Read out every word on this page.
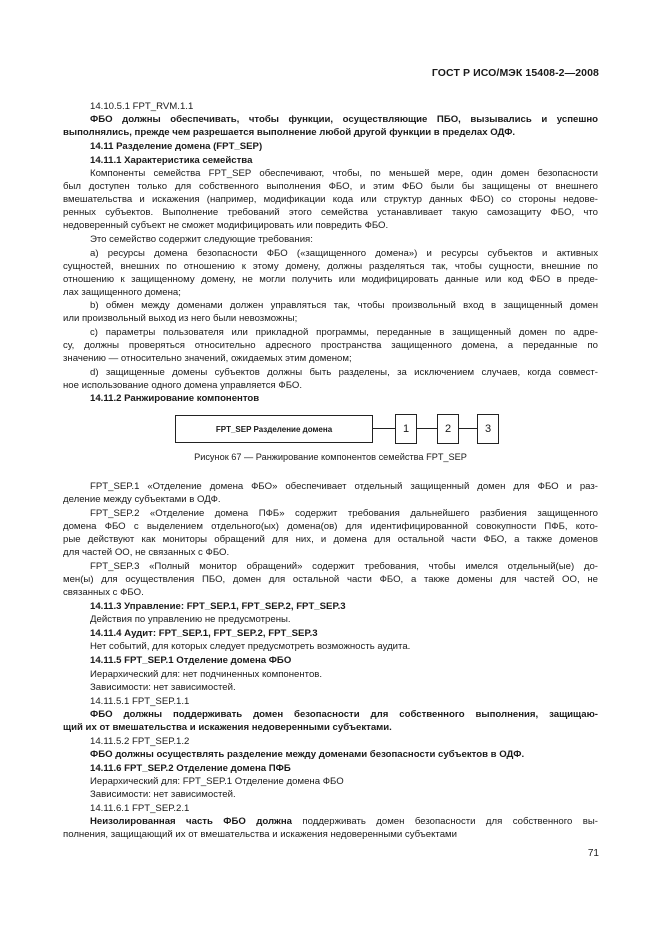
ГОСТ Р ИСО/МЭК 15408-2—2008
14.10.5.1 FPT_RVM.1.1
ФБО должны обеспечивать, чтобы функции, осуществляющие ПБО, вызывались и успешно
выполнялись, прежде чем разрешается выполнение любой другой функции в пределах ОДФ.
14.11 Разделение домена (FPT_SEP)
14.11.1 Характеристика семейства
Компоненты семейства FPT_SEP обеспечивают, чтобы, по меньшей мере, один домен безопасности
был доступен только для собственного выполнения ФБО, и этим ФБО были бы защищены от внешнего
вмешательства и искажения (например, модификации кода или структур данных ФБО) со стороны недове-
ренных субъектов. Выполнение требований этого семейства устанавливает такую самозащиту ФБО, что
недоверенный субъект не сможет модифицировать или повредить ФБО.
Это семейство содержит следующие требования:
a) ресурсы домена безопасности ФБО («защищенного домена») и ресурсы субъектов и активных
сущностей, внешних по отношению к этому домену, должны разделяться так, чтобы сущности, внешние по
отношению к защищенному домену, не могли получить или модифицировать данные или код ФБО в преде-
лах защищенного домена;
b) обмен между доменами должен управляться так, чтобы произвольный вход в защищенный домен
или произвольный выход из него были невозможны;
c) параметры пользователя или прикладной программы, переданные в защищенный домен по адре-
су, должны проверяться относительно адресного пространства защищенного домена, а переданные по
значению — относительно значений, ожидаемых этим доменом;
d) защищенные домены субъектов должны быть разделены, за исключением случаев, когда совмест-
ное использование одного домена управляется ФБО.
14.11.2 Ранжирование компонентов
FPT_SEP Разделение домена	1	2	3
Рисунок 67 — Ранжирование компонентов семейства FPT_SEP
FPT_SEP.1 «Отделение домена ФБО» обеспечивает отдельный защищенный домен для ФБО и раз-
деление между субъектами в ОДФ.
FPT_SEP.2 «Отделение домена ПФБ» содержит требования дальнейшего разбиения защищенного
домена ФБО с выделением отдельного(ых) домена(ов) для идентифицированной совокупности ПФБ, кото-
рые действуют как мониторы обращений для них, и домена для остальной части ФБО, а также доменов
для частей ОО, не связанных с ФБО.
FPT_SEP.3 «Полный монитор обращений» содержит требования, чтобы имелся отдельный(ые) до-
мен(ы) для осуществления ПБО, домен для остальной части ФБО, а также домены для частей ОО, не
связанных с ФБО.
14.11.3 Управление: FPT_SEP.1, FPT_SEP.2, FPT_SEP.3
Действия по управлению не предусмотрены.
14.11.4 Аудит: FPT_SEP.1, FPT_SEP.2, FPT_SEP.3
Нет событий, для которых следует предусмотреть возможность аудита.
14.11.5 FPT_SEP.1 Отделение домена ФБО
Иерархический для: нет подчиненных компонентов.
Зависимости: нет зависимостей.
14.11.5.1 FPT_SEP.1.1
ФБО должны поддерживать домен безопасности для собственного выполнения, защищаю-
щий их от вмешательства и искажения недоверенными субъектами.
14.11.5.2 FPT_SEP.1.2
ФБО должны осуществлять разделение между доменами безопасности субъектов в ОДФ.
14.11.6 FPT_SEP.2 Отделение домена ПФБ
Иерархический для: FPT_SEP.1 Отделение домена ФБО
Зависимости: нет зависимостей.
14.11.6.1 FPT_SEP.2.1
Неизолированная часть ФБО должна поддерживать домен безопасности для собственного вы-
полнения, защищающий их от вмешательства и искажения недоверенными субъектами
71
